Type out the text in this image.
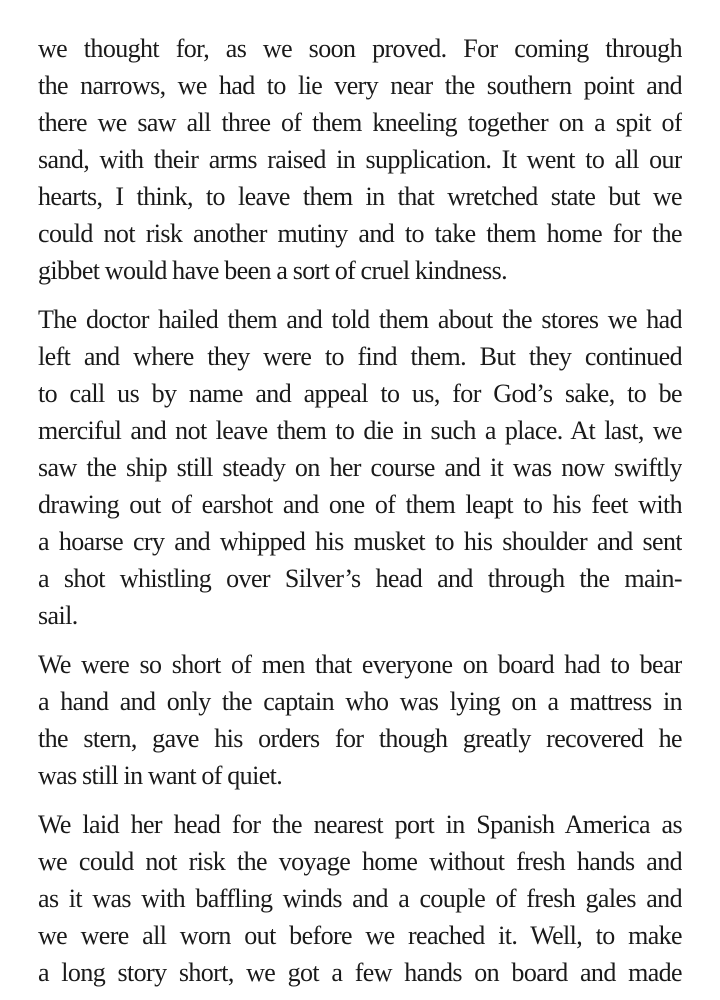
we thought for, as we soon proved. For coming through
the narrows, we had to lie very near the southern point and
there we saw all three of them kneeling together on a spit of
sand, with their arms raised in supplication. It went to all our
hearts, I think, to leave them in that wretched state but we
could not risk another mutiny and to take them home for the
gibbet would have been a sort of cruel kindness.

The doctor hailed them and told them about the stores we had
left and where they were to find them. But they continued
to call us by name and appeal to us, for God’s sake, to be
merciful and not leave them to die in such a place. At last, we
saw the ship still steady on her course and it was now swiftly
drawing out of earshot and one of them leapt to his feet with
a hoarse cry and whipped his musket to his shoulder and sent
a shot whistling over Silver’s head and through the main-
sail.

We were so short of men that everyone on board had to bear
a hand and only the captain who was lying on a mattress in
the stern, gave his orders for though greatly recovered he
was still in want of quiet.

We laid her head for the nearest port in Spanish America as
we could not risk the voyage home without fresh hands and
as it was with baffling winds and a couple of fresh gales and
we were all worn out before we reached it. Well, to make
a long story short, we got a few hands on board and made
